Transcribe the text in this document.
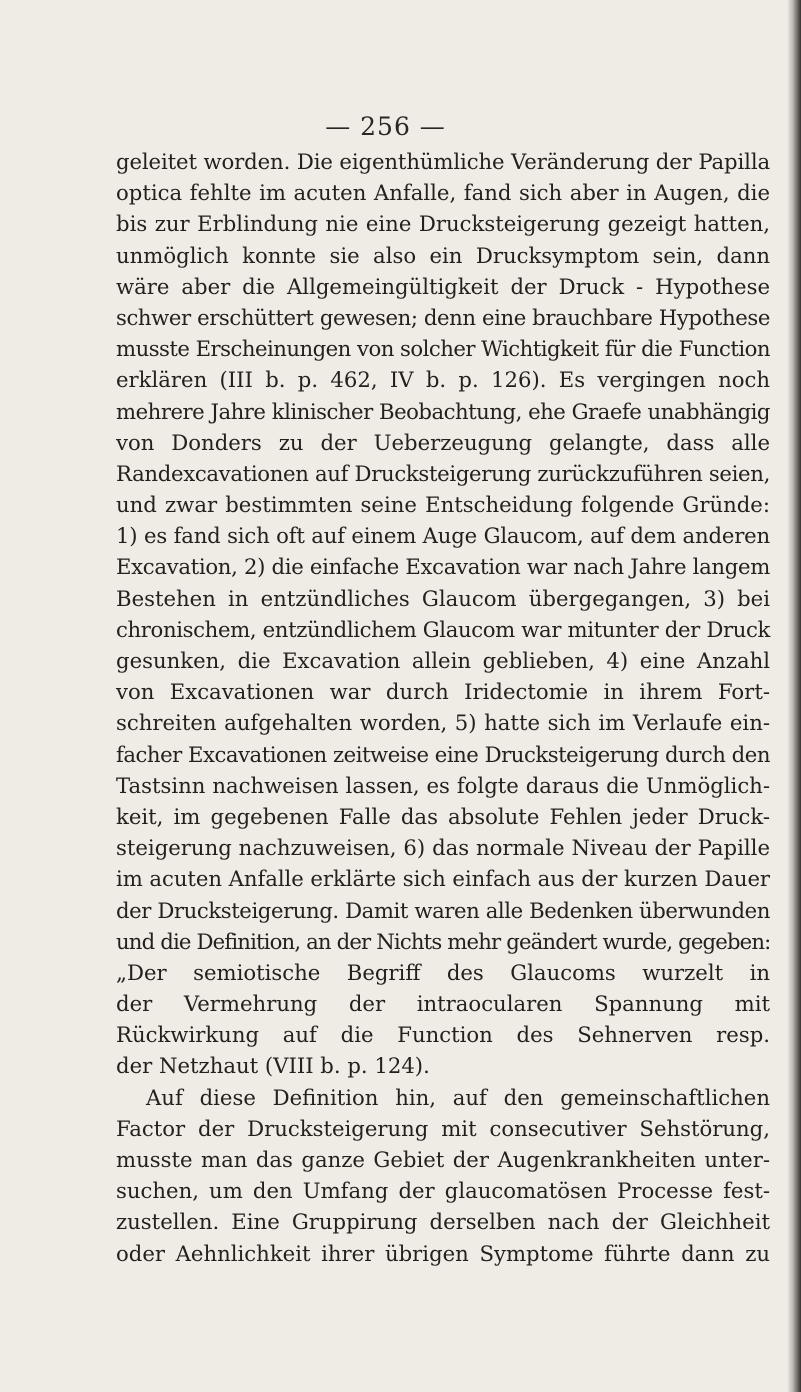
— 256 —
geleitet worden. Die eigenthümliche Veränderung der Papilla
optica fehlte im acuten Anfalle, fand sich aber in Augen, die
bis zur Erblindung nie eine Drucksteigerung gezeigt hatten,
unmöglich konnte sie also ein Drucksymptom sein, dann
wäre aber die Allgemeingültigkeit der Druck - Hypothese
schwer erschüttert gewesen; denn eine brauchbare Hypothese
musste Erscheinungen von solcher Wichtigkeit für die Function
erklären (III b. p. 462, IV b. p. 126). Es vergingen noch
mehrere Jahre klinischer Beobachtung, ehe Graefe unabhängig
von Donders zu der Ueberzeugung gelangte, dass alle
Randexcavationen auf Drucksteigerung zurückzuführen seien,
und zwar bestimmten seine Entscheidung folgende Gründe:
1) es fand sich oft auf einem Auge Glaucom, auf dem anderen
Excavation, 2) die einfache Excavation war nach Jahre langem
Bestehen in entzündliches Glaucom übergegangen, 3) bei
chronischem, entzündlichem Glaucom war mitunter der Druck
gesunken, die Excavation allein geblieben, 4) eine Anzahl
von Excavationen war durch Iridectomie in ihrem Fort-
schreiten aufgehalten worden, 5) hatte sich im Verlaufe ein-
facher Excavationen zeitweise eine Drucksteigerung durch den
Tastsinn nachweisen lassen, es folgte daraus die Unmöglich-
keit, im gegebenen Falle das absolute Fehlen jeder Druck-
steigerung nachzuweisen, 6) das normale Niveau der Papille
im acuten Anfalle erklärte sich einfach aus der kurzen Dauer
der Drucksteigerung. Damit waren alle Bedenken überwunden
und die Definition, an der Nichts mehr geändert wurde, gegeben:
„Der semiotische Begriff des Glaucoms wurzelt in
der Vermehrung der intraocularen Spannung mit
Rückwirkung auf die Function des Sehnerven resp.
der Netzhaut (VIII b. p. 124).
Auf diese Definition hin, auf den gemeinschaftlichen
Factor der Drucksteigerung mit consecutiver Sehstörung,
musste man das ganze Gebiet der Augenkrankheiten unter-
suchen, um den Umfang der glaucomatösen Processe fest-
zustellen. Eine Gruppirung derselben nach der Gleichheit
oder Aehnlichkeit ihrer übrigen Symptome führte dann zu
